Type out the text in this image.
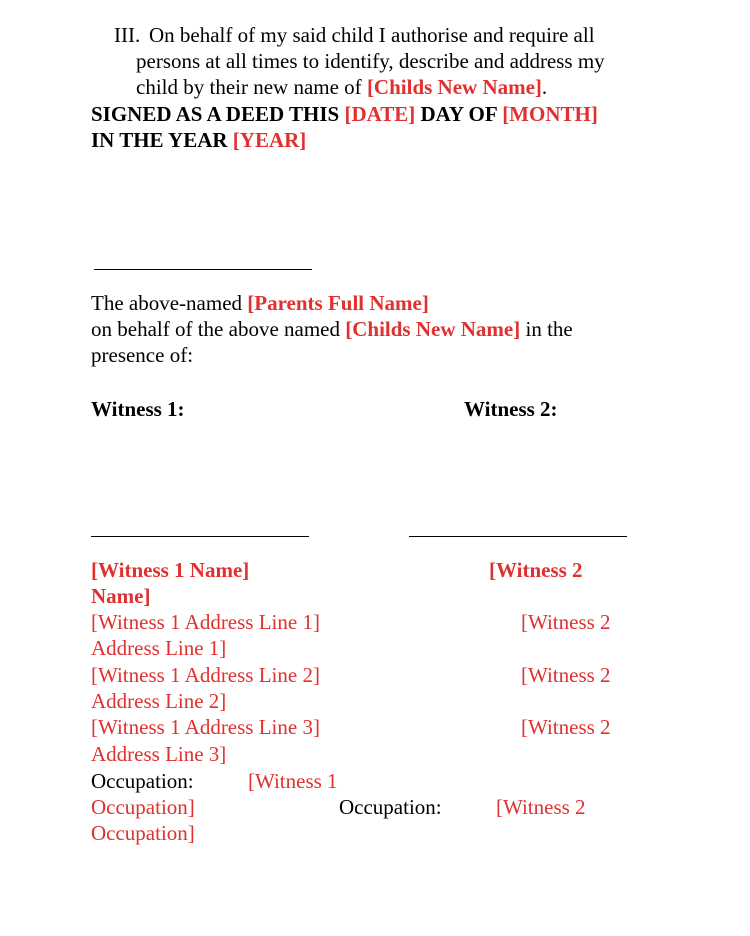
III. On behalf of my said child I authorise and require all
persons at all times to identify, describe and address my
child by their new name of [Childs New Name].
SIGNED AS A DEED THIS [DATE] DAY OF [MONTH]
IN THE YEAR [YEAR]
The above-named [Parents Full Name]
on behalf of the above named [Childs New Name] in the
presence of:
Witness 1:	Witness 2:
[Witness 1 Name]	[Witness 2
Name]
[Witness 1 Address Line 1]	[Witness 2
Address Line 1]
[Witness 1 Address Line 2]	[Witness 2
Address Line 2]
[Witness 1 Address Line 3]	[Witness 2
Address Line 3]
Occupation:	[Witness 1
Occupation]	Occupation:	[Witness 2
Occupation]
